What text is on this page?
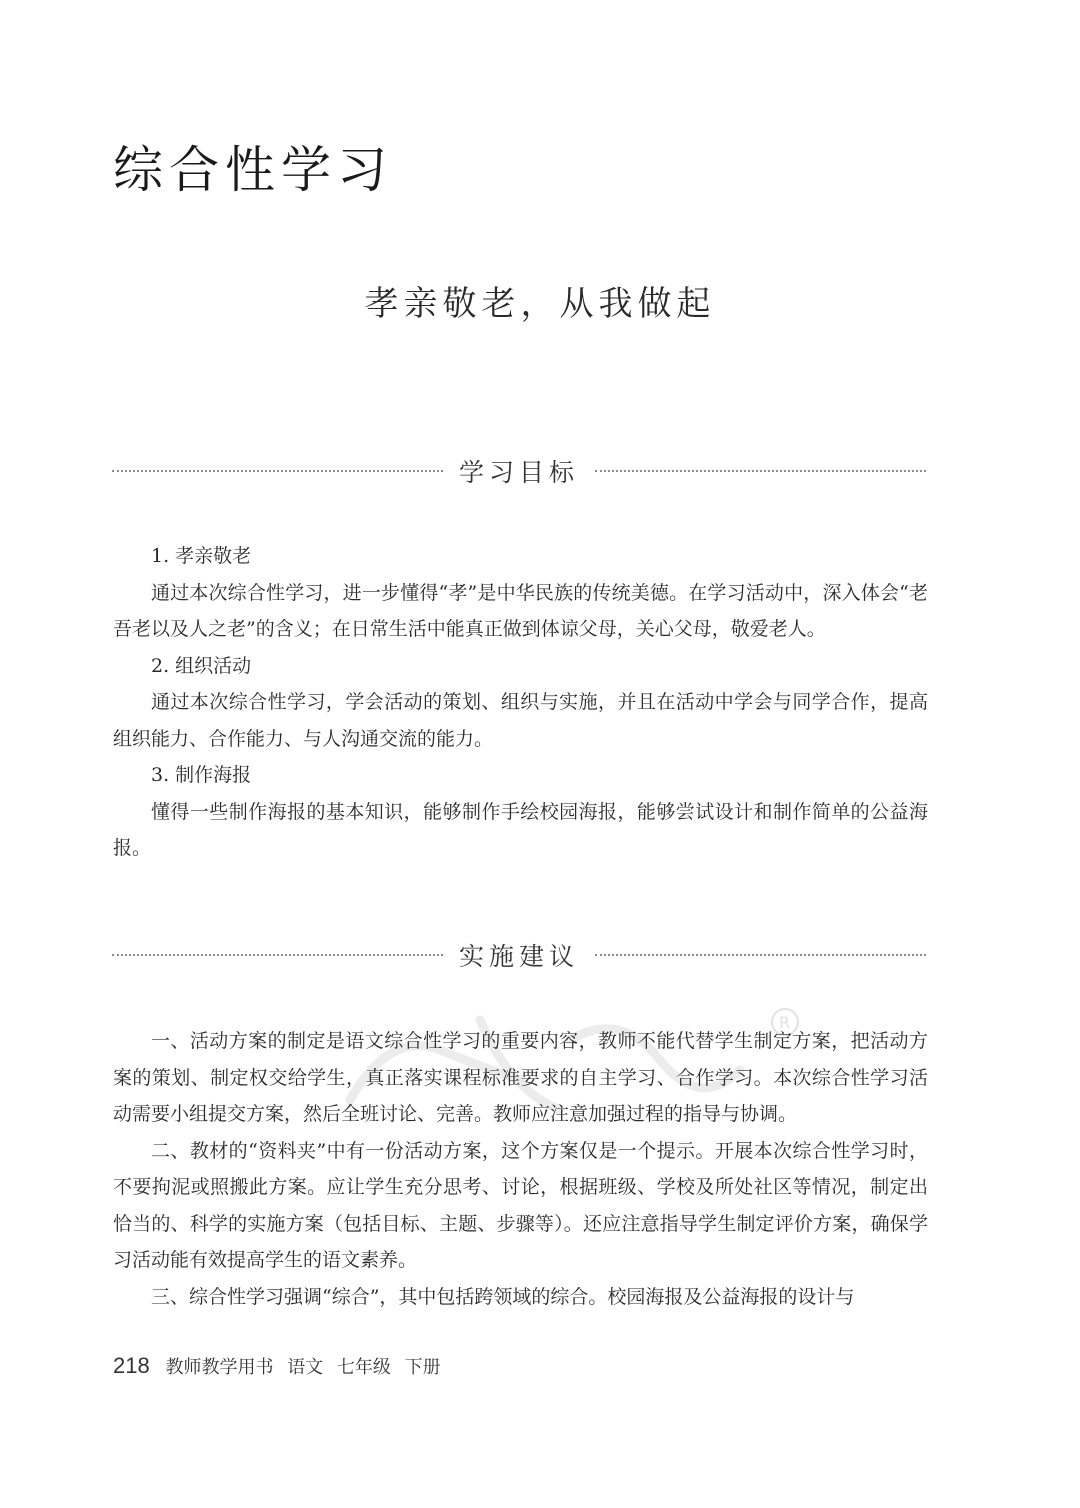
综合性学习
孝亲敬老，从我做起
学习目标

1. 孝亲敬老

通过本次综合性学习，进一步懂得“孝”是中华民族的传统美德。在学习活动中，深入体会“老吾老以及人之老”的含义；在日常生活中能真正做到体谅父母，关心父母，敬爱老人。

2. 组织活动

通过本次综合性学习，学会活动的策划、组织与实施，并且在活动中学会与同学合作，提高组织能力、合作能力、与人沟通交流的能力。

3. 制作海报

懂得一些制作海报的基本知识，能够制作手绘校园海报，能够尝试设计和制作简单的公益海报。

实施建议
R

一、活动方案的制定是语文综合性学习的重要内容，教师不能代替学生制定方案，把活动方案的策划、制定权交给学生，真正落实课程标准要求的自主学习、合作学习。本次综合性学习活动需要小组提交方案，然后全班讨论、完善。教师应注意加强过程的指导与协调。

二、教材的“资料夹”中有一份活动方案，这个方案仅是一个提示。开展本次综合性学习时，不要拘泥或照搬此方案。应让学生充分思考、讨论，根据班级、学校及所处社区等情况，制定出恰当的、科学的实施方案（包括目标、主题、步骤等）。还应注意指导学生制定评价方案，确保学习活动能有效提高学生的语文素养。

三、综合性学习强调“综合”，其中包括跨领域的综合。校园海报及公益海报的设计与

218 教师教学用书 语文 七年级 下册
